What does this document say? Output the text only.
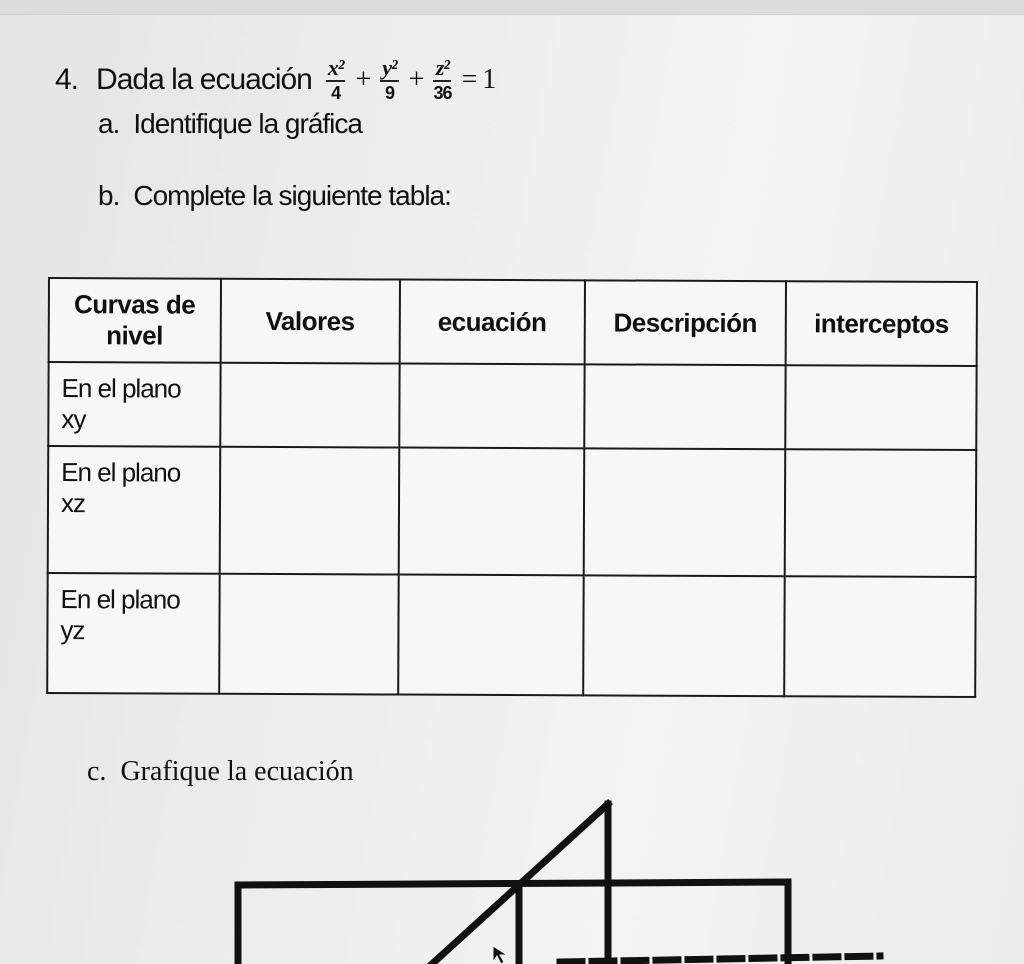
4. Dada la ecuación $\frac{\text{x²}}{4} + \frac{\text{y²}}{9} + \frac{\text{z²}}{36} = 1$
a. Identifique la gráfica
b. Complete la siguiente tabla:
Curvas de nivel	Valores	ecuación	Descripción	interceptos
En el plano xy				
En el plano xz				
En el plano yz				
c. Grafique la ecuación
